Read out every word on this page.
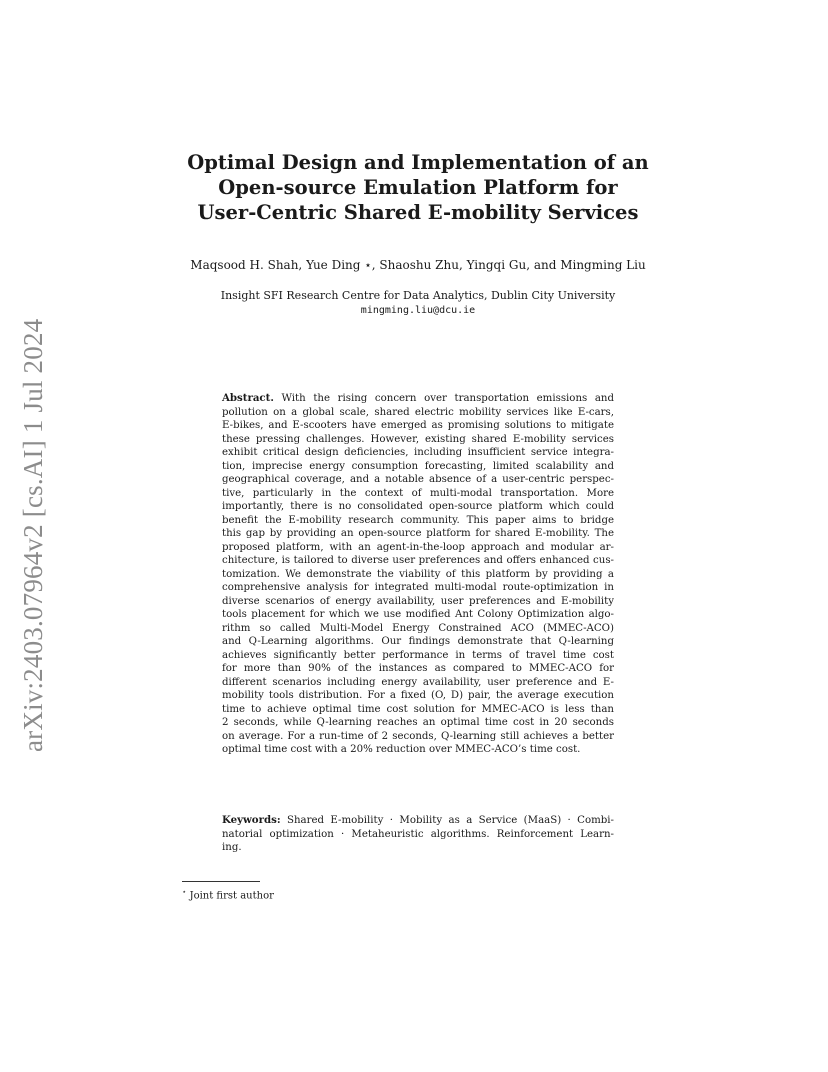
arXiv:2403.07964v2 [cs.AI] 1 Jul 2024
Optimal Design and Implementation of an
Open-source Emulation Platform for
User-Centric Shared E-mobility Services
Maqsood H. Shah, Yue Ding ⋆, Shaoshu Zhu, Yingqi Gu, and Mingming Liu
Insight SFI Research Centre for Data Analytics, Dublin City University
mingming.liu@dcu.ie
Abstract. With the rising concern over transportation emissions and
pollution on a global scale, shared electric mobility services like E-cars,
E-bikes, and E-scooters have emerged as promising solutions to mitigate
these pressing challenges. However, existing shared E-mobility services
exhibit critical design deficiencies, including insufficient service integra-
tion, imprecise energy consumption forecasting, limited scalability and
geographical coverage, and a notable absence of a user-centric perspec-
tive, particularly in the context of multi-modal transportation. More
importantly, there is no consolidated open-source platform which could
benefit the E-mobility research community. This paper aims to bridge
this gap by providing an open-source platform for shared E-mobility. The
proposed platform, with an agent-in-the-loop approach and modular ar-
chitecture, is tailored to diverse user preferences and offers enhanced cus-
tomization. We demonstrate the viability of this platform by providing a
comprehensive analysis for integrated multi-modal route-optimization in
diverse scenarios of energy availability, user preferences and E-mobility
tools placement for which we use modified Ant Colony Optimization algo-
rithm so called Multi-Model Energy Constrained ACO (MMEC-ACO)
and Q-Learning algorithms. Our findings demonstrate that Q-learning
achieves significantly better performance in terms of travel time cost
for more than 90% of the instances as compared to MMEC-ACO for
different scenarios including energy availability, user preference and E-
mobility tools distribution. For a fixed (O, D) pair, the average execution
time to achieve optimal time cost solution for MMEC-ACO is less than
2 seconds, while Q-learning reaches an optimal time cost in 20 seconds
on average. For a run-time of 2 seconds, Q-learning still achieves a better
optimal time cost with a 20% reduction over MMEC-ACO’s time cost.
Keywords: Shared E-mobility · Mobility as a Service (MaaS) · Combi-
natorial optimization · Metaheuristic algorithms. Reinforcement Learn-
ing.
⋆ Joint first author
